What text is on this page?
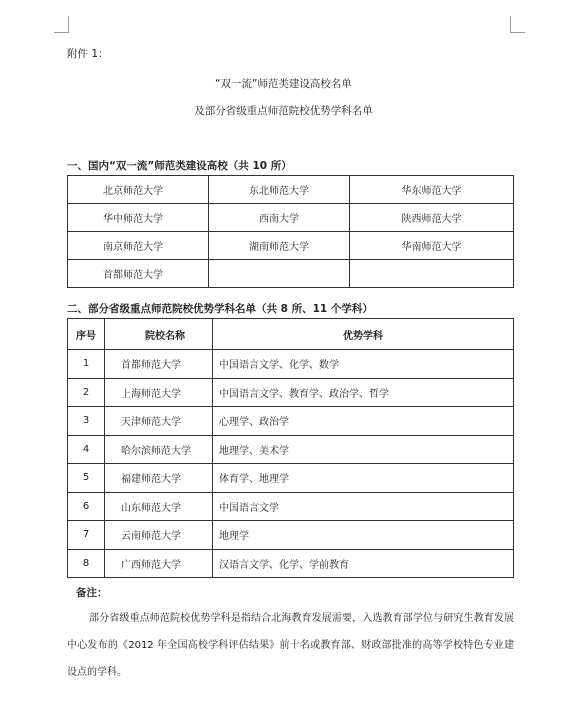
附件 1：
“双一流”师范类建设高校名单
及部分省级重点师范院校优势学科名单
一、国内“双一流”师范类建设高校（共 10 所）
北京师范大学	东北师范大学	华东师范大学
华中师范大学	西南大学	陕西师范大学
南京师范大学	湖南师范大学	华南师范大学
首都师范大学		
二、部分省级重点师范院校优势学科名单（共 8 所、11 个学科）
序号	院校名称	优势学科
1	首都师范大学	中国语言文学、化学、数学
2	上海师范大学	中国语言文学、教育学、政治学、哲学
3	天津师范大学	心理学、政治学
4	哈尔滨师范大学	地理学、美术学
5	福建师范大学	体育学、地理学
6	山东师范大学	中国语言文学
7	云南师范大学	地理学
8	广西师范大学	汉语言文学、化学、学前教育
备注：
部分省级重点师范院校优势学科是指结合北海教育发展需要，入选教育部学位与研究生教育发展中心发布的《2012 年全国高校学科评估结果》前十名或教育部、财政部批准的高等学校特色专业建设点的学科。
